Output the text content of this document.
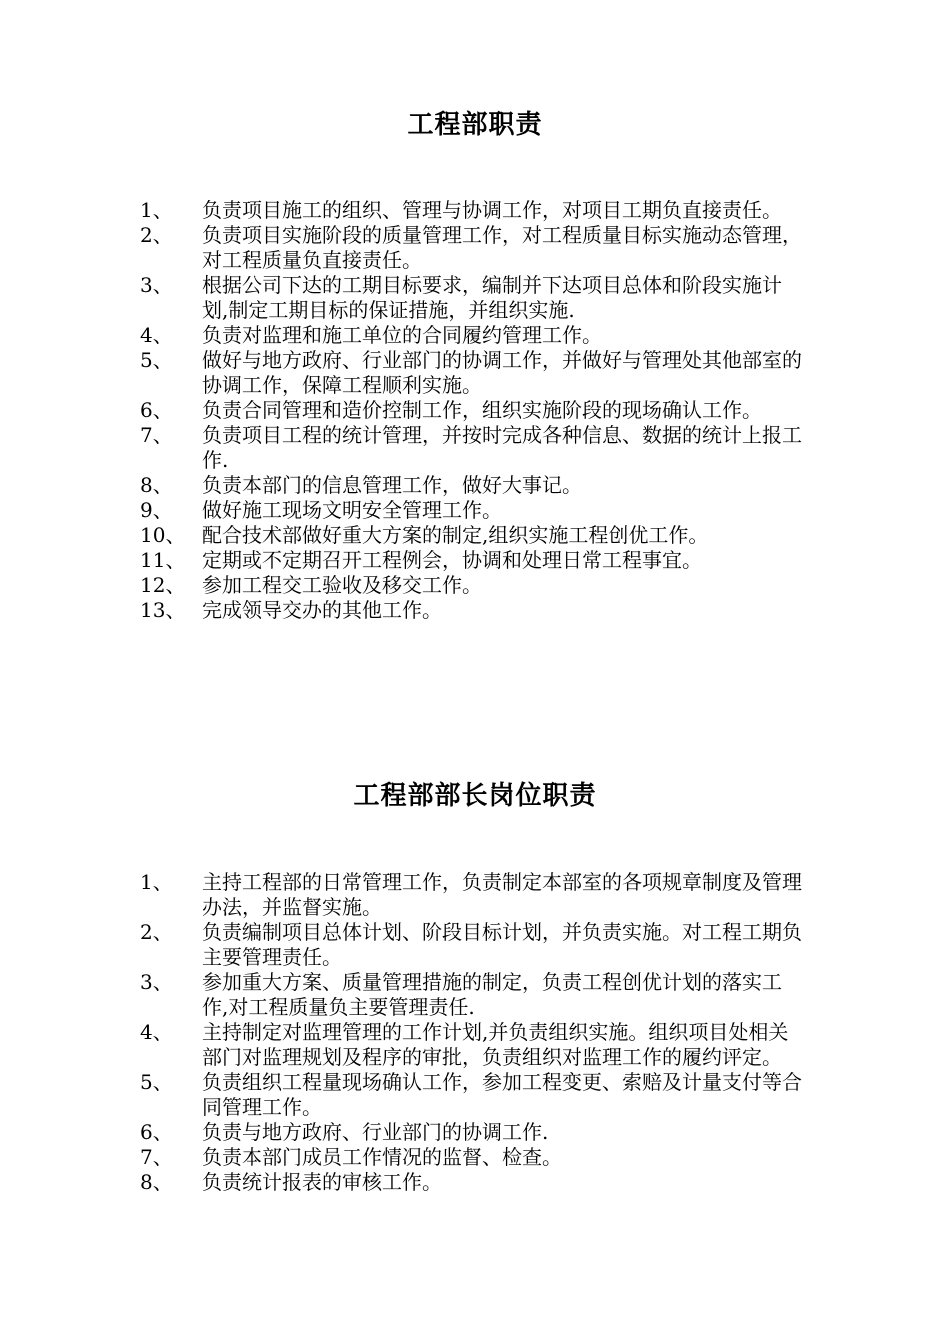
工程部职责
1、	负责项目施工的组织、管理与协调工作，对项目工期负直接责任。
2、	负责项目实施阶段的质量管理工作，对工程质量目标实施动态管理，对工程质量负直接责任。
3、	根据公司下达的工期目标要求，编制并下达项目总体和阶段实施计划,制定工期目标的保证措施，并组织实施.
4、	负责对监理和施工单位的合同履约管理工作。
5、	做好与地方政府、行业部门的协调工作，并做好与管理处其他部室的协调工作，保障工程顺利实施。
6、	负责合同管理和造价控制工作，组织实施阶段的现场确认工作。
7、	负责项目工程的统计管理，并按时完成各种信息、数据的统计上报工作.
8、	负责本部门的信息管理工作，做好大事记。
9、	做好施工现场文明安全管理工作。
10、 配合技术部做好重大方案的制定,组织实施工程创优工作。
11、 定期或不定期召开工程例会，协调和处理日常工程事宜。
12、 参加工程交工验收及移交工作。
13、 完成领导交办的其他工作。
工程部部长岗位职责
1、	主持工程部的日常管理工作，负责制定本部室的各项规章制度及管理办法，并监督实施。
2、	负责编制项目总体计划、阶段目标计划，并负责实施。对工程工期负主要管理责任。
3、	参加重大方案、质量管理措施的制定，负责工程创优计划的落实工作,对工程质量负主要管理责任.
4、	主持制定对监理管理的工作计划,并负责组织实施。组织项目处相关部门对监理规划及程序的审批，负责组织对监理工作的履约评定。
5、	负责组织工程量现场确认工作，参加工程变更、索赔及计量支付等合同管理工作。
6、	负责与地方政府、行业部门的协调工作.
7、	负责本部门成员工作情况的监督、检查。
8、	负责统计报表的审核工作。
